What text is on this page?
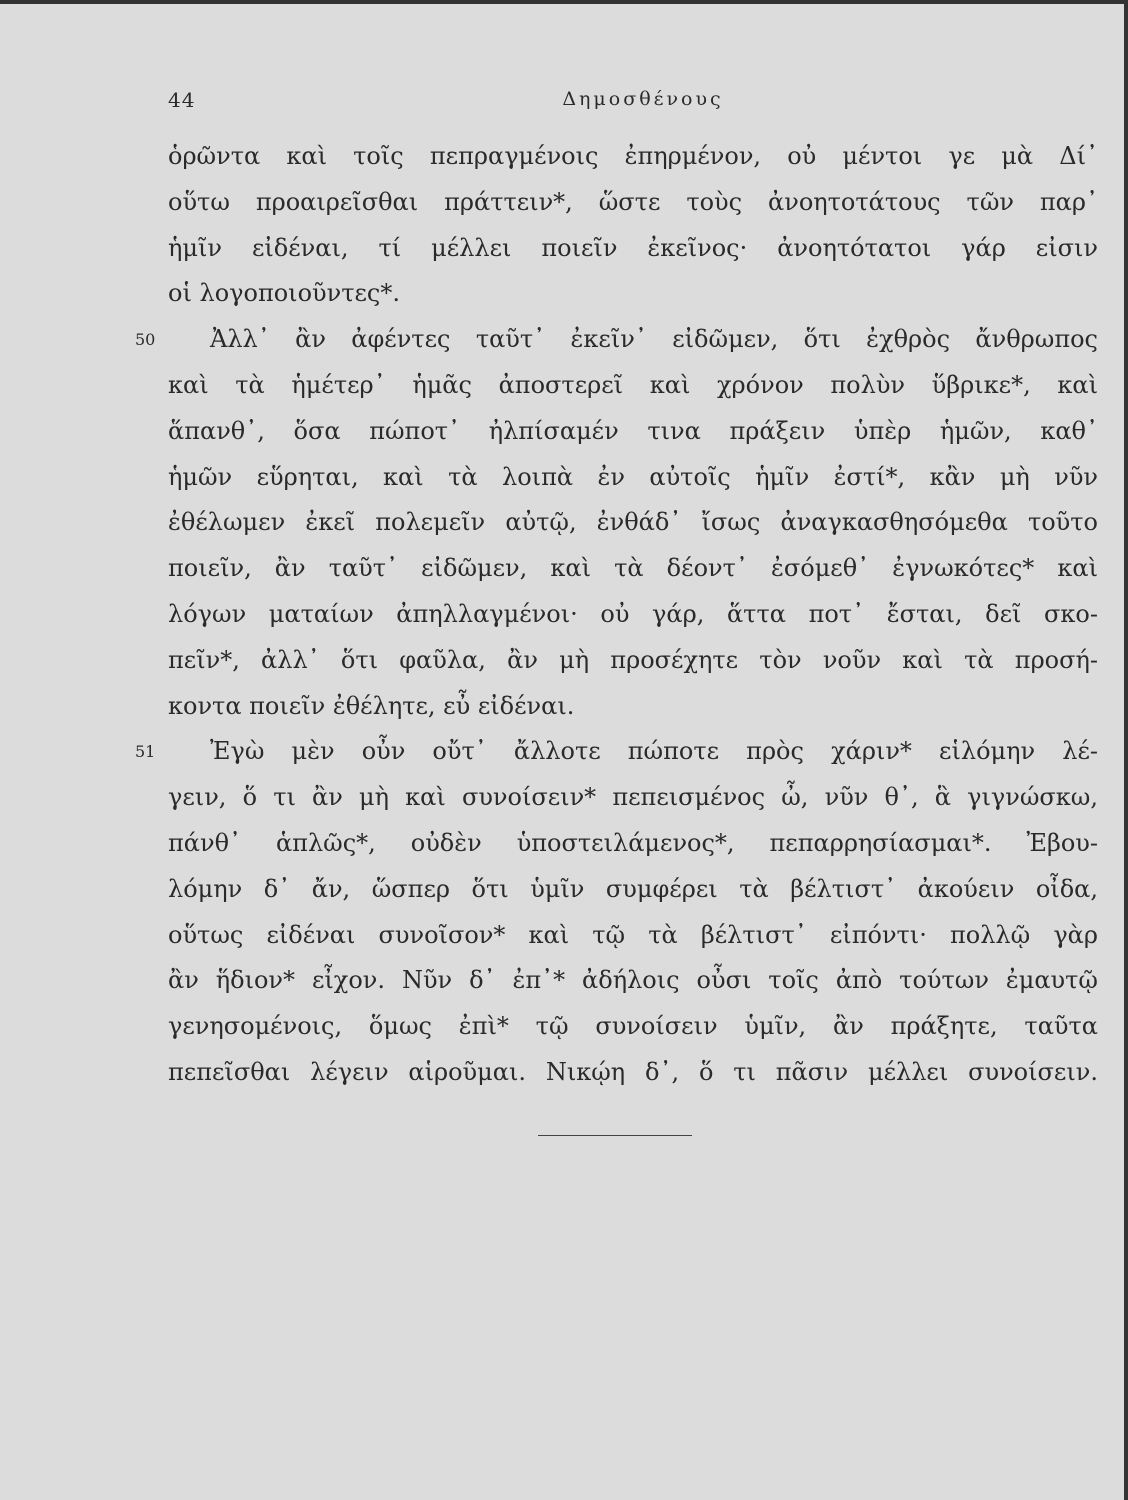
44	Δημοσθένους
ὁρῶντα καὶ τοῖς πεπραγμένοις ἐπηρμένον, οὐ μέντοι γε μὰ Δί᾽
οὕτω προαιρεῖσθαι πράττειν*, ὥστε τοὺς ἀνοητοτάτους τῶν παρ᾽
ἡμῖν εἰδέναι, τί μέλλει ποιεῖν ἐκεῖνος· ἀνοητότατοι γάρ εἰσιν
οἱ λογοποιοῦντες*.
50 Ἀλλ᾽ ἂν ἀφέντες ταῦτ᾽ ἐκεῖν᾽ εἰδῶμεν, ὅτι ἐχθρὸς ἄνθρωπος
καὶ τὰ ἡμέτερ᾽ ἡμᾶς ἀποστερεῖ καὶ χρόνον πολὺν ὕβρικε*, καὶ
ἅπανθ᾽, ὅσα πώποτ᾽ ἠλπίσαμέν τινα πράξειν ὑπὲρ ἡμῶν, καθ᾽
ἡμῶν εὕρηται, καὶ τὰ λοιπὰ ἐν αὐτοῖς ἡμῖν ἐστί*, κἂν μὴ νῦν
ἐθέλωμεν ἐκεῖ πολεμεῖν αὐτῷ, ἐνθάδ᾽ ἴσως ἀναγκασθησόμεθα τοῦτο
ποιεῖν, ἂν ταῦτ᾽ εἰδῶμεν, καὶ τὰ δέοντ᾽ ἐσόμεθ᾽ ἐγνωκότες* καὶ
λόγων ματαίων ἀπηλλαγμένοι· οὐ γάρ, ἅττα ποτ᾽ ἔσται, δεῖ σκο-
πεῖν*, ἀλλ᾽ ὅτι φαῦλα, ἂν μὴ προσέχητε τὸν νοῦν καὶ τὰ προσή-
κοντα ποιεῖν ἐθέλητε, εὖ εἰδέναι.
51 Ἐγὼ μὲν οὖν οὔτ᾽ ἄλλοτε πώποτε πρὸς χάριν* εἱλόμην λέ-
γειν, ὅ τι ἂν μὴ καὶ συνοίσειν* πεπεισμένος ὦ, νῦν θ᾽, ἃ γιγνώσκω,
πάνθ᾽ ἁπλῶς*, οὐδὲν ὑποστειλάμενος*, πεπαρρησίασμαι*. Ἐβου-
λόμην δ᾽ ἄν, ὥσπερ ὅτι ὑμῖν συμφέρει τὰ βέλτιστ᾽ ἀκούειν οἶδα,
οὕτως εἰδέναι συνοῖσον* καὶ τῷ τὰ βέλτιστ᾽ εἰπόντι· πολλῷ γὰρ
ἂν ἥδιον* εἶχον. Νῦν δ᾽ ἐπ᾽* ἀδήλοις οὖσι τοῖς ἀπὸ τούτων ἐμαυτῷ
γενησομένοις, ὅμως ἐπὶ* τῷ συνοίσειν ὑμῖν, ἂν πράξητε, ταῦτα
πεπεῖσθαι λέγειν αἱροῦμαι. Νικῴη δ᾽, ὅ τι πᾶσιν μέλλει συνοίσειν.
